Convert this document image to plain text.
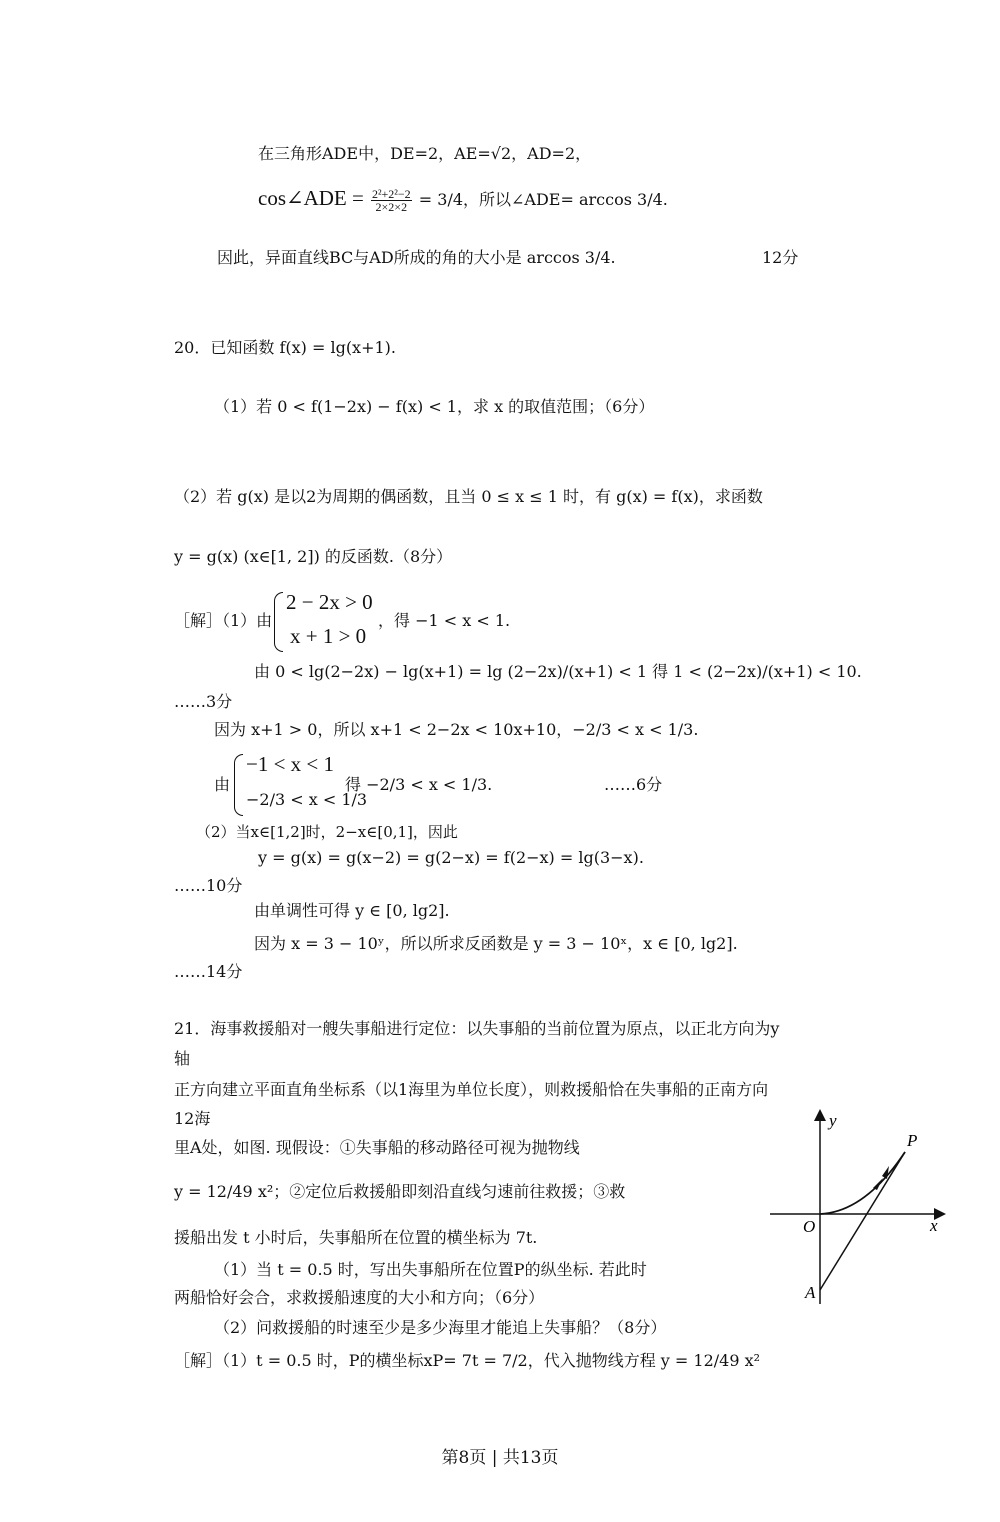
在三角形ADE中，DE=2，AE=√2，AD=2，
cos∠ADE = $\frac{\text{2²+2²−2}}{2\times 2\times 2} = 3/4$，所以∠ADE= arccos 3/4.
因此，异面直线BC与AD所成的角的大小是 arccos 3/4.	12分
20．已知函数 f(x) = lg(x+1).
（1）若 0 < f(1−2x) − f(x) < 1，求 x 的取值范围；（6分）
（2）若 g(x) 是以2为周期的偶函数，且当 0 ≤ x ≤ 1 时，有 g(x) = f(x)，求函数
y = g(x) (x∈[1, 2]) 的反函数.（8分）
［解］（1）由
2 − 2x > 0
x + 1 > 0
，得 −1 < x < 1.
由 0 < lg(2−2x) − lg(x+1) = lg (2−2x)/(x+1) < 1 得 1 < (2−2x)/(x+1) < 10.
……3分
因为 x+1 > 0，所以 x+1 < 2−2x < 10x+10，−2/3 < x < 1/3.
由
−1 < x < 1
−2/3 < x < 1/3
得 −2/3 < x < 1/3.	……6分
（2）当x∈[1,2]时，2−x∈[0,1]，因此
y = g(x) = g(x−2) = g(2−x) = f(2−x) = lg(3−x).
……10分
由单调性可得 y ∈ [0, lg2].
因为 x = 3 − 10ʸ，所以所求反函数是 y = 3 − 10ˣ，x ∈ [0, lg2].
……14分
21．海事救援船对一艘失事船进行定位：以失事船的当前位置为原点，以正北方向为y
轴
正方向建立平面直角坐标系（以1海里为单位长度），则救援船恰在失事船的正南方向
12海
里A处，如图. 现假设：①失事船的移动路径可视为抛物线
y = 12/49 x²；②定位后救援船即刻沿直线匀速前往救援；③救
援船出发 t 小时后，失事船所在位置的横坐标为 7t.
（1）当 t = 0.5 时，写出失事船所在位置P的纵坐标. 若此时
两船恰好会合，求救援船速度的大小和方向；（6分）
（2）问救援船的时速至少是多少海里才能追上失事船？（8分）
［解］（1）t = 0.5 时，P的横坐标xP= 7t = 7/2，代入抛物线方程 y = 12/49 x²
y
x
O
P
A
第8页 | 共13页
